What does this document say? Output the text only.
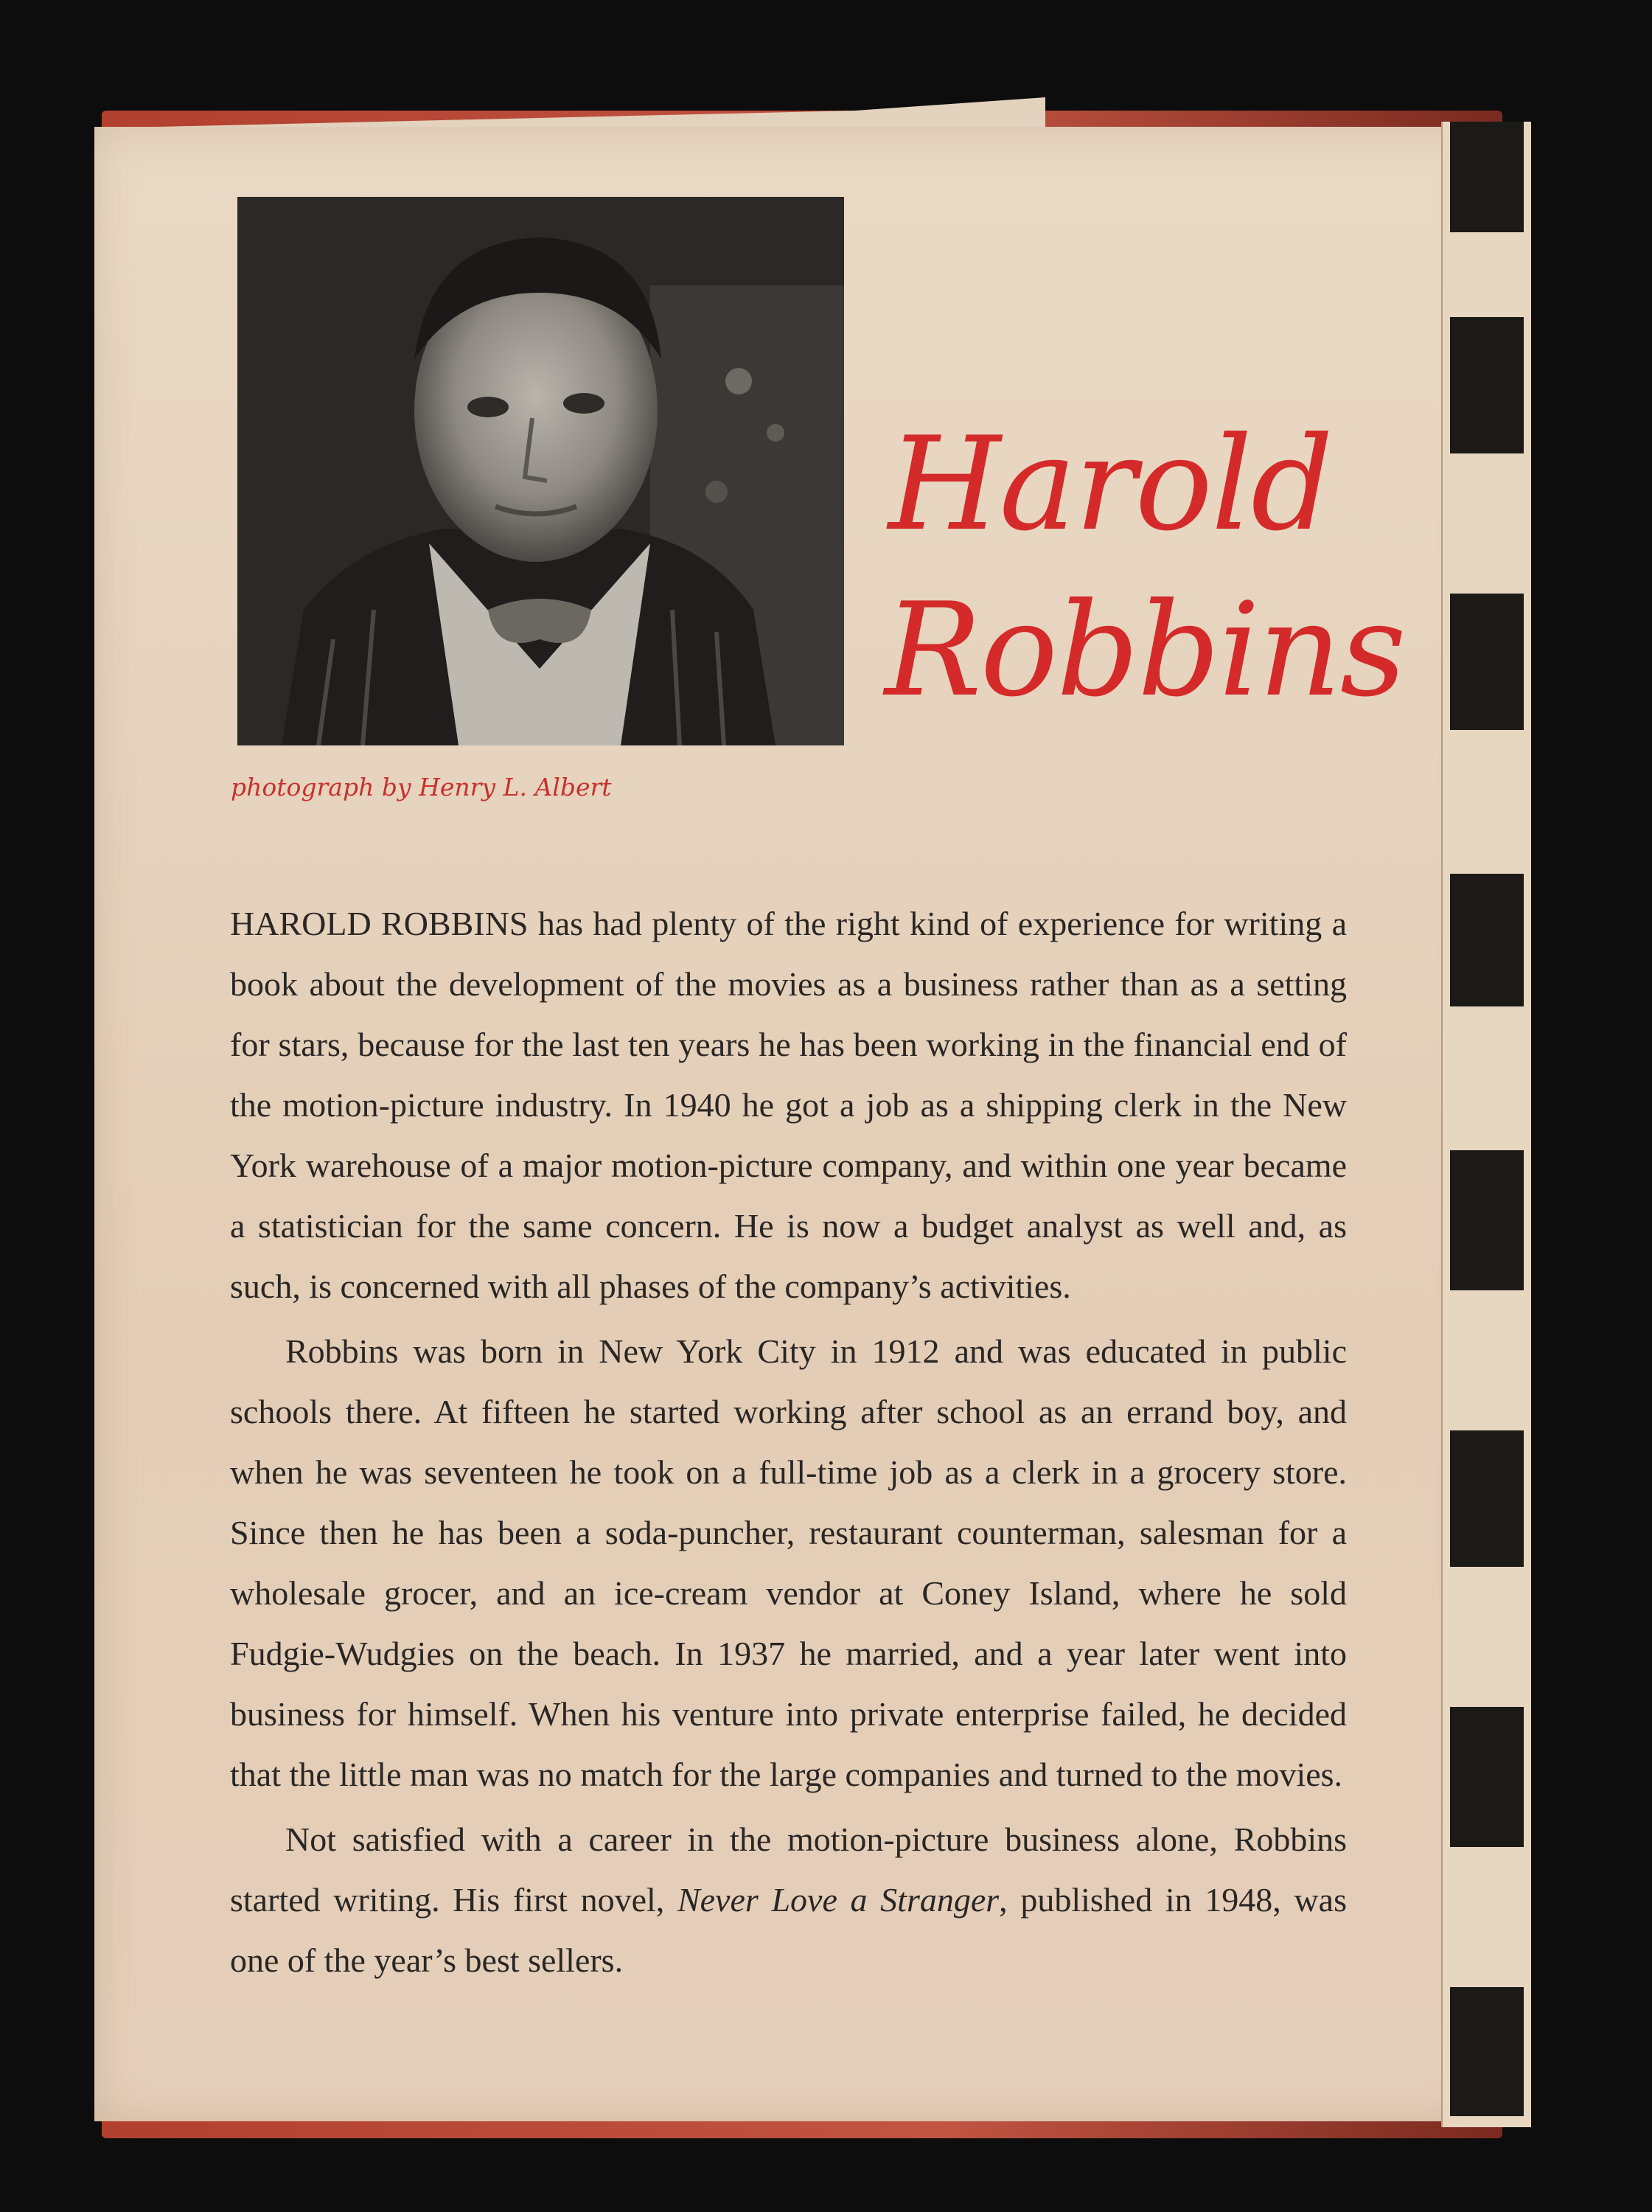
photograph by Henry L. Albert
Harold
Robbins

HAROLD ROBBINS has had plenty of the right kind of experience for writing a book about the development of the movies as a business rather than as a setting for stars, because for the last ten years he has been working in the financial end of the motion-picture industry. In 1940 he got a job as a shipping clerk in the New York warehouse of a major motion-picture company, and within one year became a statistician for the same concern. He is now a budget analyst as well and, as such, is concerned with all phases of the company’s activities.

Robbins was born in New York City in 1912 and was educated in public schools there. At fifteen he started working after school as an errand boy, and when he was seventeen he took on a full-time job as a clerk in a grocery store. Since then he has been a soda-puncher, restaurant counterman, salesman for a wholesale grocer, and an ice-cream vendor at Coney Island, where he sold Fudgie-Wudgies on the beach. In 1937 he married, and a year later went into business for himself. When his venture into private enterprise failed, he decided that the little man was no match for the large companies and turned to the movies.

Not satisfied with a career in the motion-picture business alone, Robbins started writing. His first novel, Never Love a Stranger, published in 1948, was one of the year’s best sellers.
